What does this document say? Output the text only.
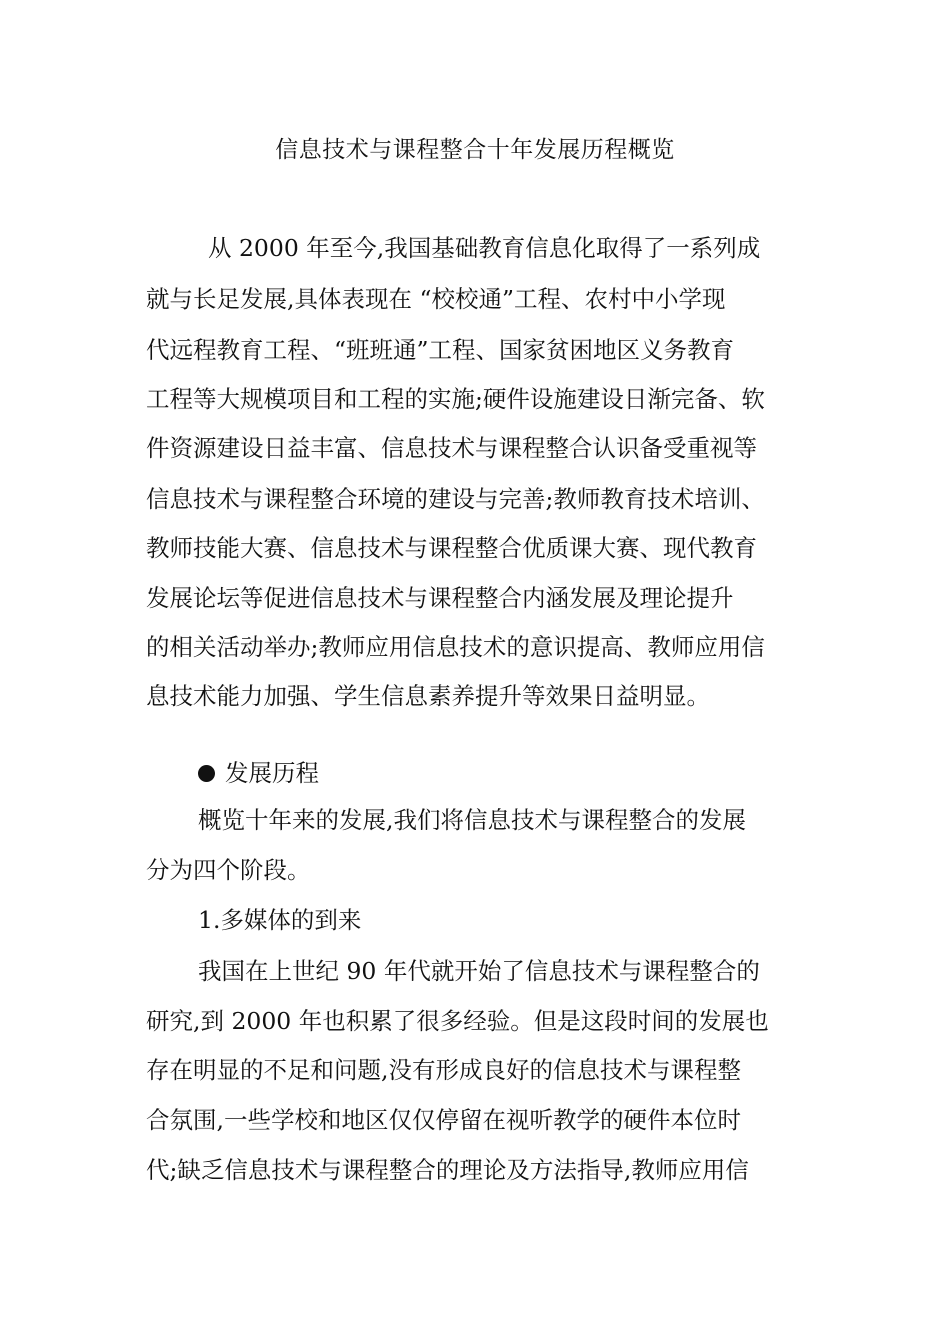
信息技术与课程整合十年发展历程概览
从 2000 年至今,我国基础教育信息化取得了一系列成
就与长足发展,具体表现在 “校校通”工程、农村中小学现
代远程教育工程、“班班通”工程、国家贫困地区义务教育
工程等大规模项目和工程的实施;硬件设施建设日渐完备、软
件资源建设日益丰富、信息技术与课程整合认识备受重视等
信息技术与课程整合环境的建设与完善;教师教育技术培训、
教师技能大赛、信息技术与课程整合优质课大赛、现代教育
发展论坛等促进信息技术与课程整合内涵发展及理论提升
的相关活动举办;教师应用信息技术的意识提高、教师应用信
息技术能力加强、学生信息素养提升等效果日益明显。
发展历程
概览十年来的发展,我们将信息技术与课程整合的发展
分为四个阶段。
1.多媒体的到来
我国在上世纪 90 年代就开始了信息技术与课程整合的
研究,到 2000 年也积累了很多经验。但是这段时间的发展也
存在明显的不足和问题,没有形成良好的信息技术与课程整
合氛围,一些学校和地区仅仅停留在视听教学的硬件本位时
代;缺乏信息技术与课程整合的理论及方法指导,教师应用信
